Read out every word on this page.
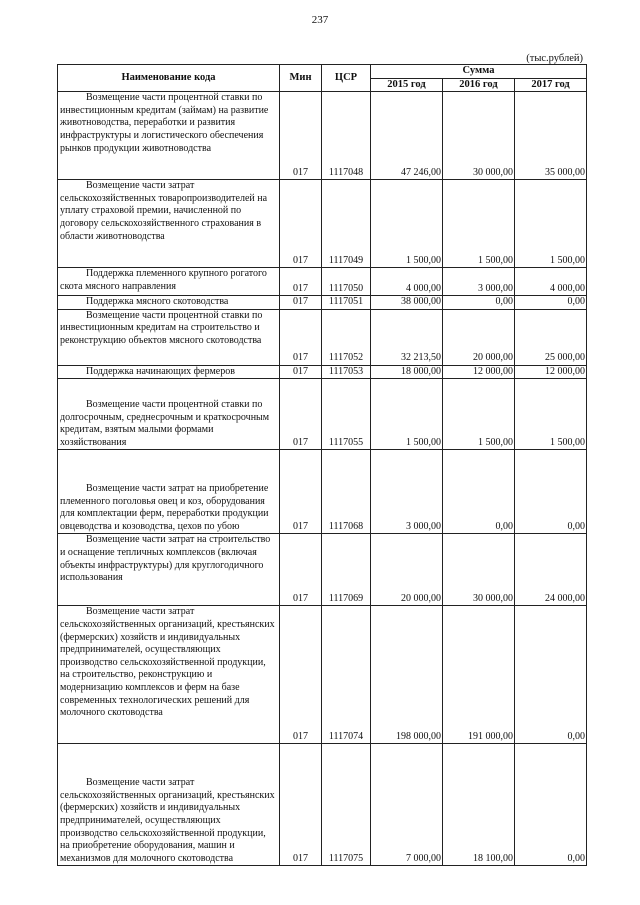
237
(тыс.рублей)
Наименование кода	Мин	ЦСР	Сумма		
			2015 год	2016 год	2017 год
Возмещение части процентной ставки по инвестиционным кредитам (займам) на развитие животноводства, переработки и развития инфраструктуры и логистического обеспечения рынков продукции животноводства	017	1117048	47 246,00	30 000,00	35 000,00
Возмещение части затрат сельскохозяйственных товаропроизводителей на уплату страховой премии, начисленной по договору сельскохозяйственного страхования в области животноводства	017	1117049	1 500,00	1 500,00	1 500,00
Поддержка племенного крупного рогатого скота мясного направления	017	1117050	4 000,00	3 000,00	4 000,00
Поддержка мясного скотоводства	017	1117051	38 000,00	0,00	0,00
Возмещение части процентной ставки по инвестиционным кредитам на строительство и реконструкцию объектов мясного скотоводства	017	1117052	32 213,50	20 000,00	25 000,00
Поддержка начинающих фермеров	017	1117053	18 000,00	12 000,00	12 000,00
Возмещение части процентной ставки по долгосрочным, среднесрочным и краткосрочным кредитам, взятым малыми формами хозяйствования	017	1117055	1 500,00	1 500,00	1 500,00
Возмещение части затрат на приобретение племенного поголовья овец и коз, оборудования для комплектации ферм, переработки продукции овцеводства и козоводства, цехов по убою	017	1117068	3 000,00	0,00	0,00
Возмещение части затрат на строительство и оснащение тепличных комплексов (включая объекты инфраструктуры) для круглогодичного использования	017	1117069	20 000,00	30 000,00	24 000,00
Возмещение части затрат сельскохозяйственных организаций, крестьянских (фермерских) хозяйств и индивидуальных предпринимателей, осуществляющих производство сельскохозяйственной продукции, на строительство, реконструкцию и модернизацию комплексов и ферм на базе современных технологических решений для молочного скотоводства	017	1117074	198 000,00	191 000,00	0,00
Возмещение части затрат сельскохозяйственных организаций, крестьянских (фермерских) хозяйств и индивидуальных предпринимателей, осуществляющих производство сельскохозяйственной продукции, на приобретение оборудования, машин и механизмов для молочного скотоводства	017	1117075	7 000,00	18 100,00	0,00
